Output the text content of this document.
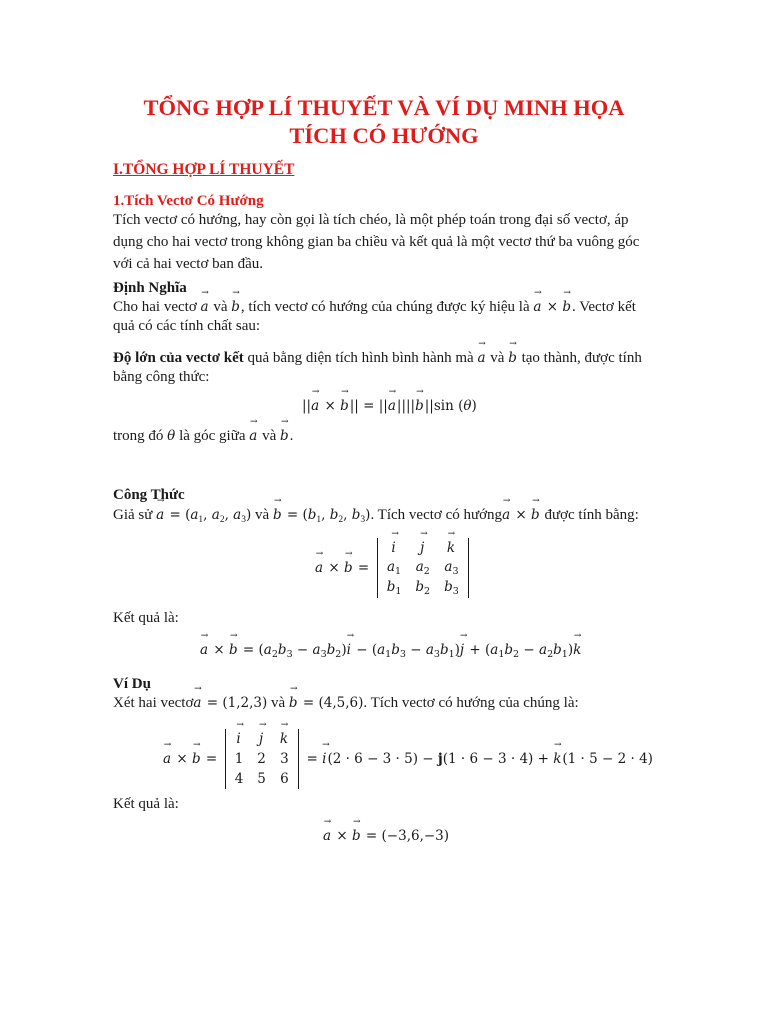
TỔNG HỢP LÍ THUYẾT VÀ VÍ DỤ MINH HỌA
TÍCH CÓ HƯỚNG
I.TỔNG HỢP LÍ THUYẾT
1.Tích Vectơ Có Hướng
Tích vectơ có hướng, hay còn gọi là tích chéo, là một phép toán trong đại số vectơ, áp dụng cho hai vectơ trong không gian ba chiều và kết quả là một vectơ thứ ba vuông góc với cả hai vectơ ban đầu.
Định Nghĩa
Cho hai vectơ → a và → b, tích vectơ có hướng của chúng được ký hiệu là → a × → b. Vectơ kết
quả có các tính chất sau:
Độ lớn của vectơ kết quả bằng diện tích hình bình hành mà → a và → b tạo thành, được tính
bằng công thức:
||→ a × → b|| = ||→ a||||→ b||sin (θ)
trong đó θ là góc giữa → a và → b.
Công Thức
Giả sử → $a = (a_1$, $a_2$, $a_3$) và → $b = (b_1$, $b_2$, $b_3$). Tích vectơ có hướng→ a × → b được tính bằng:
→ a × → b =
→ i	→ j	→ k
$a_1$	$a_2$	$a_3$
$b_1$	$b_2$	$b_3$
Kết quả là:
→ a × → $b = (a_2b_3 - a_3b_2)\to i - (a_1b_3 - a_3b_1)\to j + (a_1b_2 - a_2b_1)\to k$
Ví Dụ
Xét hai vectơ→ a = (1,2,3) và → b = (4,5,6). Tích vectơ có hướng của chúng là:
→ a × → b =
→ i	→ j	→ k
1	2	3
4	5	6
= → i(2 · 6 − 3 · 5) − j(1 · 6 − 3 · 4) + → k(1 · 5 − 2 · 4)
Kết quả là:
→ a × → b = (−3,6,−3)
